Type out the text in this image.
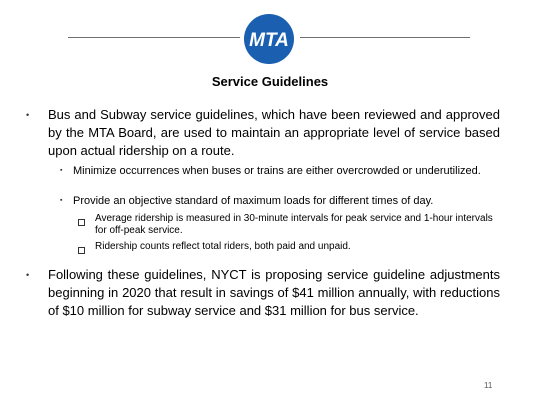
MTA
Service Guidelines
•	Bus and Subway service guidelines, which have been reviewed and approved by the MTA Board, are used to maintain an appropriate level of service based upon actual ridership on a route.
▪ Minimize occurrences when buses or trains are either overcrowded or underutilized.
▪ Provide an objective standard of maximum loads for different times of day.
Average ridership is measured in 30-minute intervals for peak service and 1-hour intervals for off-peak service.
Ridership counts reflect total riders, both paid and unpaid.
•	Following these guidelines, NYCT is proposing service guideline adjustments beginning in 2020 that result in savings of $41 million annually, with reductions of $10 million for subway service and $31 million for bus service.
11
